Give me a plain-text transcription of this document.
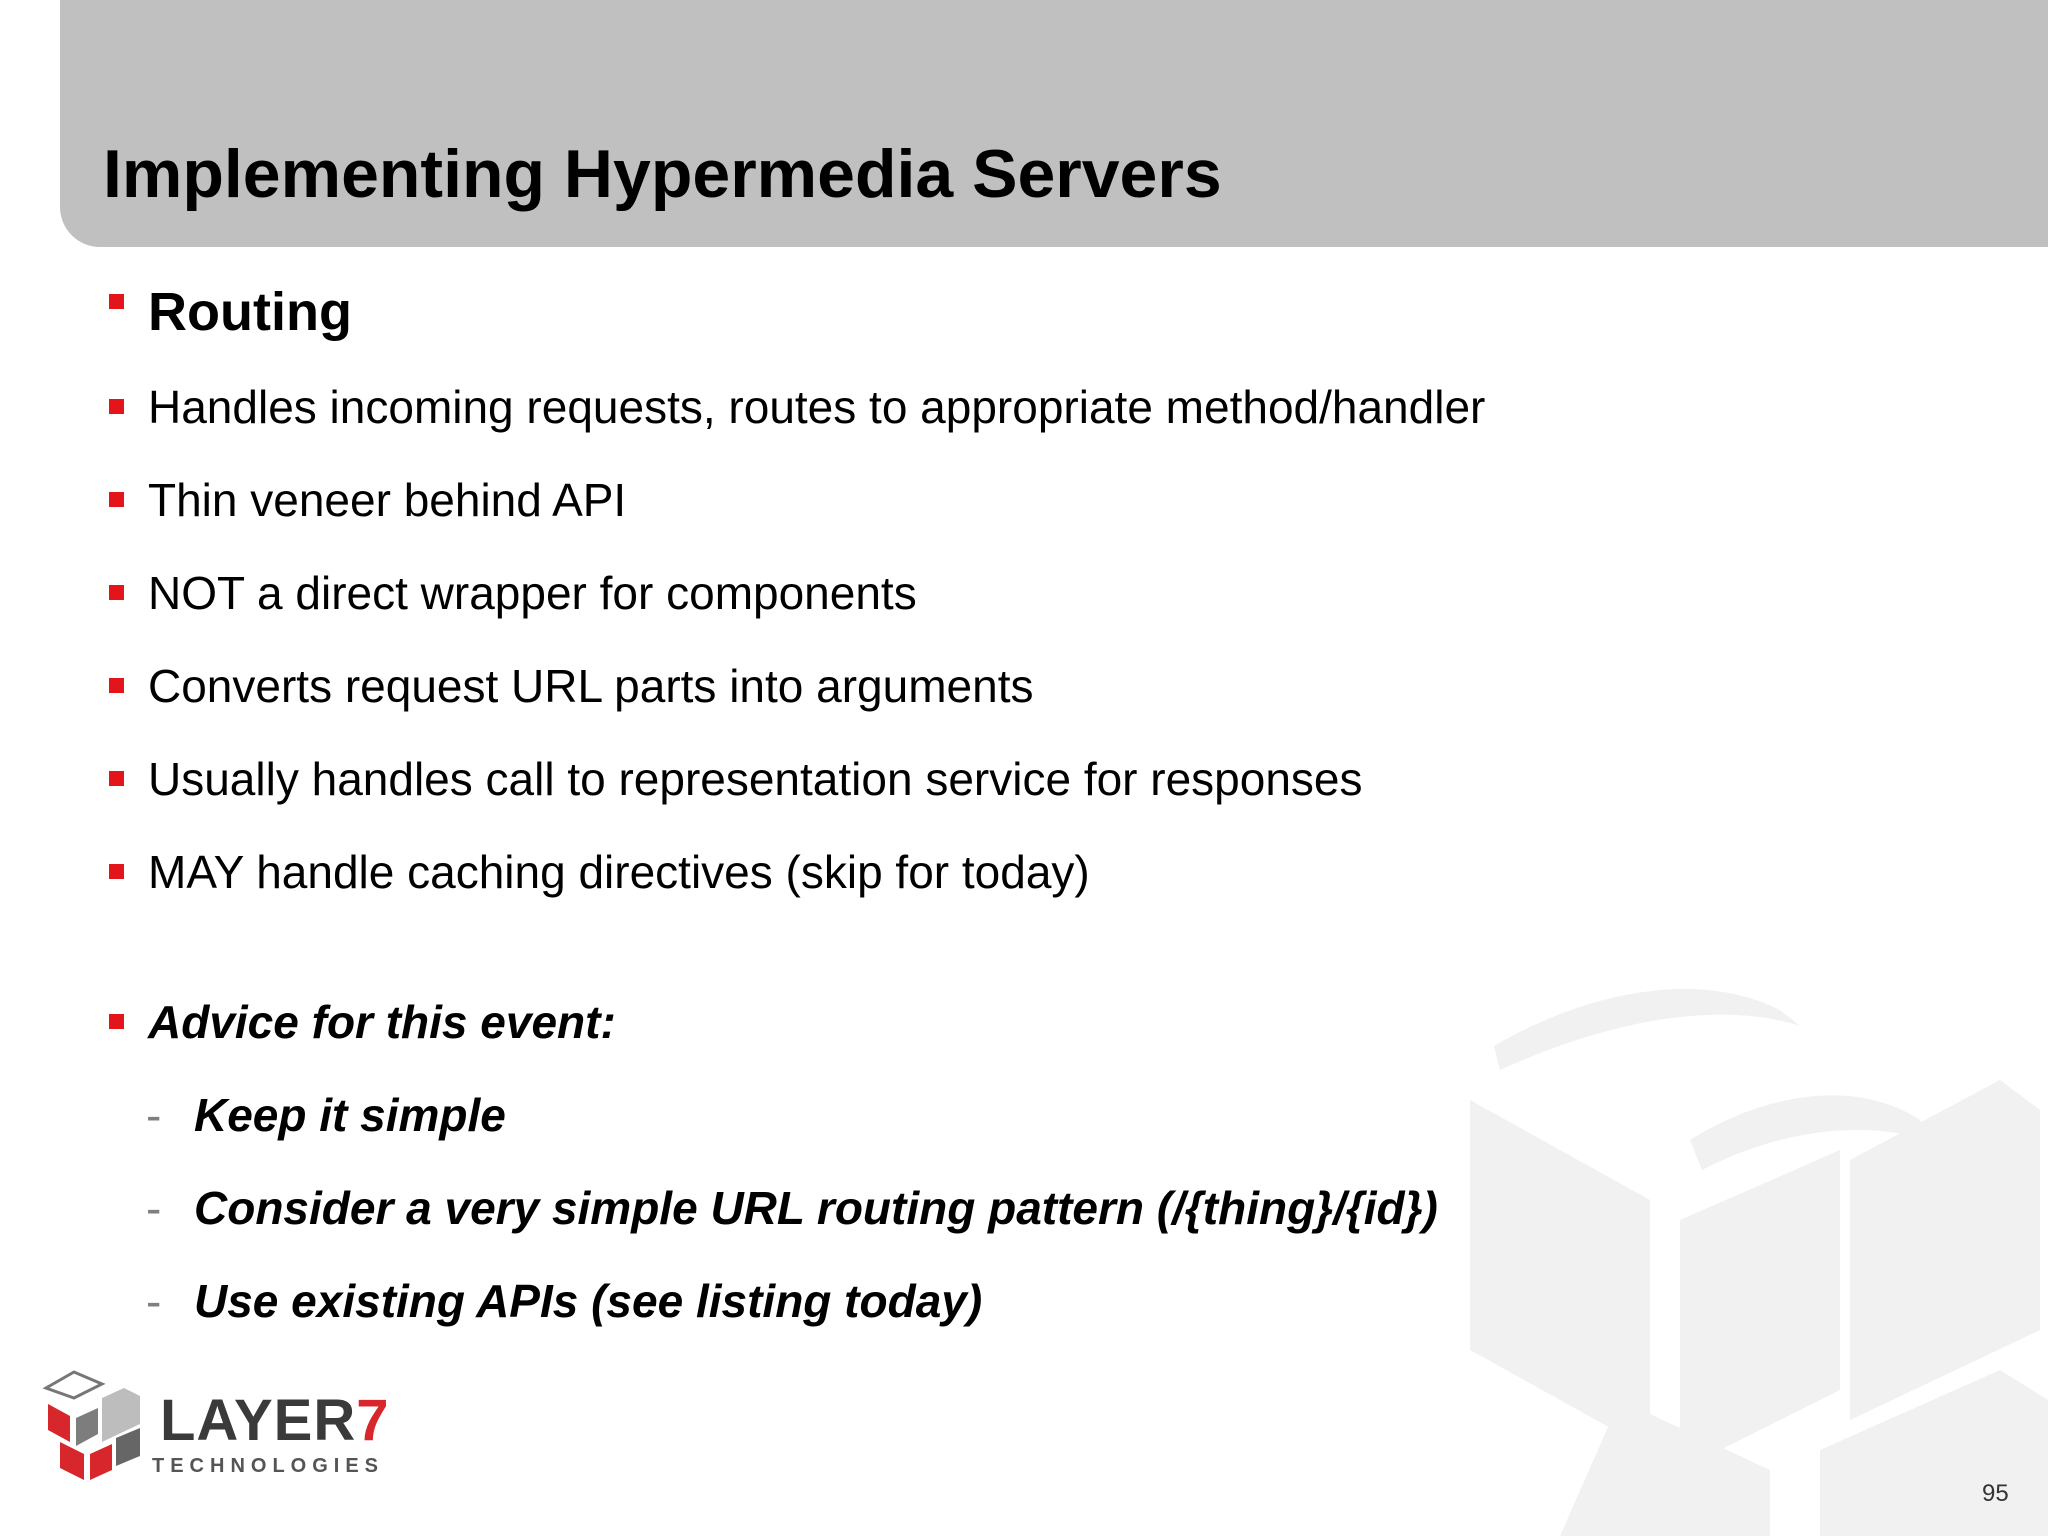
Implementing Hypermedia Servers
Routing
Handles incoming requests, routes to appropriate method/handler
Thin veneer behind API
NOT a direct wrapper for components
Converts request URL parts into arguments
Usually handles call to representation service for responses
MAY handle caching directives (skip for today)
Advice for this event:
- Keep it simple
- Consider a very simple URL routing pattern (/{thing}/{id})
- Use existing APIs (see listing today)
LAYER7
TECHNOLOGIES
95
